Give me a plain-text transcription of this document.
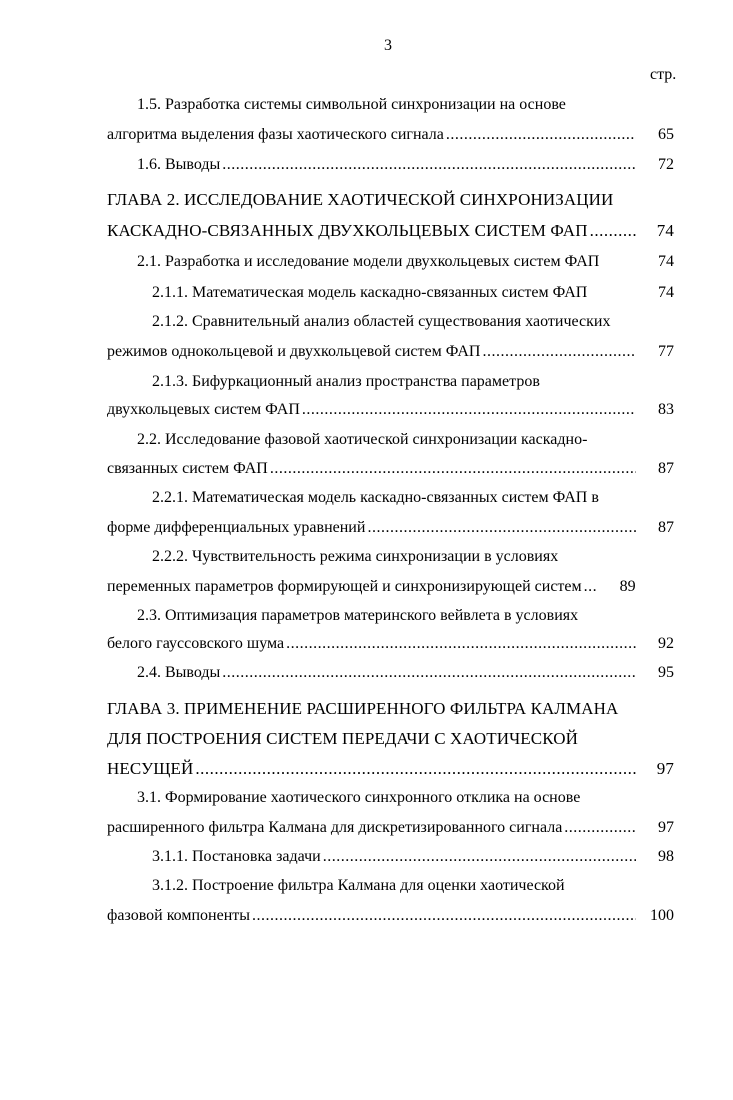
3
стр.
1.5. Разработка системы символьной синхронизации на основе
алгоритма выделения фазы хаотического сигнала .....	65
1.6. Выводы .....	72
ГЛАВА 2. ИССЛЕДОВАНИЕ ХАОТИЧЕСКОЙ СИНХРОНИЗАЦИИ
КАСКАДНО-СВЯЗАННЫХ ДВУХКОЛЬЦЕВЫХ СИСТЕМ ФАП .....	74
2.1. Разработка и исследование модели двухкольцевых систем ФАП	74
2.1.1. Математическая модель каскадно-связанных систем ФАП	74
2.1.2. Сравнительный анализ областей существования хаотических
режимов однокольцевой и двухкольцевой систем ФАП .....	77
2.1.3. Бифуркационный анализ пространства параметров
двухкольцевых систем ФАП .....	83
2.2. Исследование фазовой хаотической синхронизации каскадно-
связанных систем ФАП .....	87
2.2.1. Математическая модель каскадно-связанных систем ФАП в
форме дифференциальных уравнений .....	87
2.2.2. Чувствительность режима синхронизации в условиях
переменных параметров формирующей и синхронизирующей систем .....	89
2.3. Оптимизация параметров материнского вейвлета в условиях
белого гауссовского шума .....	92
2.4. Выводы .....	95
ГЛАВА 3. ПРИМЕНЕНИЕ РАСШИРЕННОГО ФИЛЬТРА КАЛМАНА
ДЛЯ ПОСТРОЕНИЯ СИСТЕМ ПЕРЕДАЧИ С ХАОТИЧЕСКОЙ
НЕСУЩЕЙ .....	97
3.1. Формирование хаотического синхронного отклика на основе
расширенного фильтра Калмана для дискретизированного сигнала .....	97
3.1.1. Постановка задачи .....	98
3.1.2. Построение фильтра Калмана для оценки хаотической
фазовой компоненты .....	100
